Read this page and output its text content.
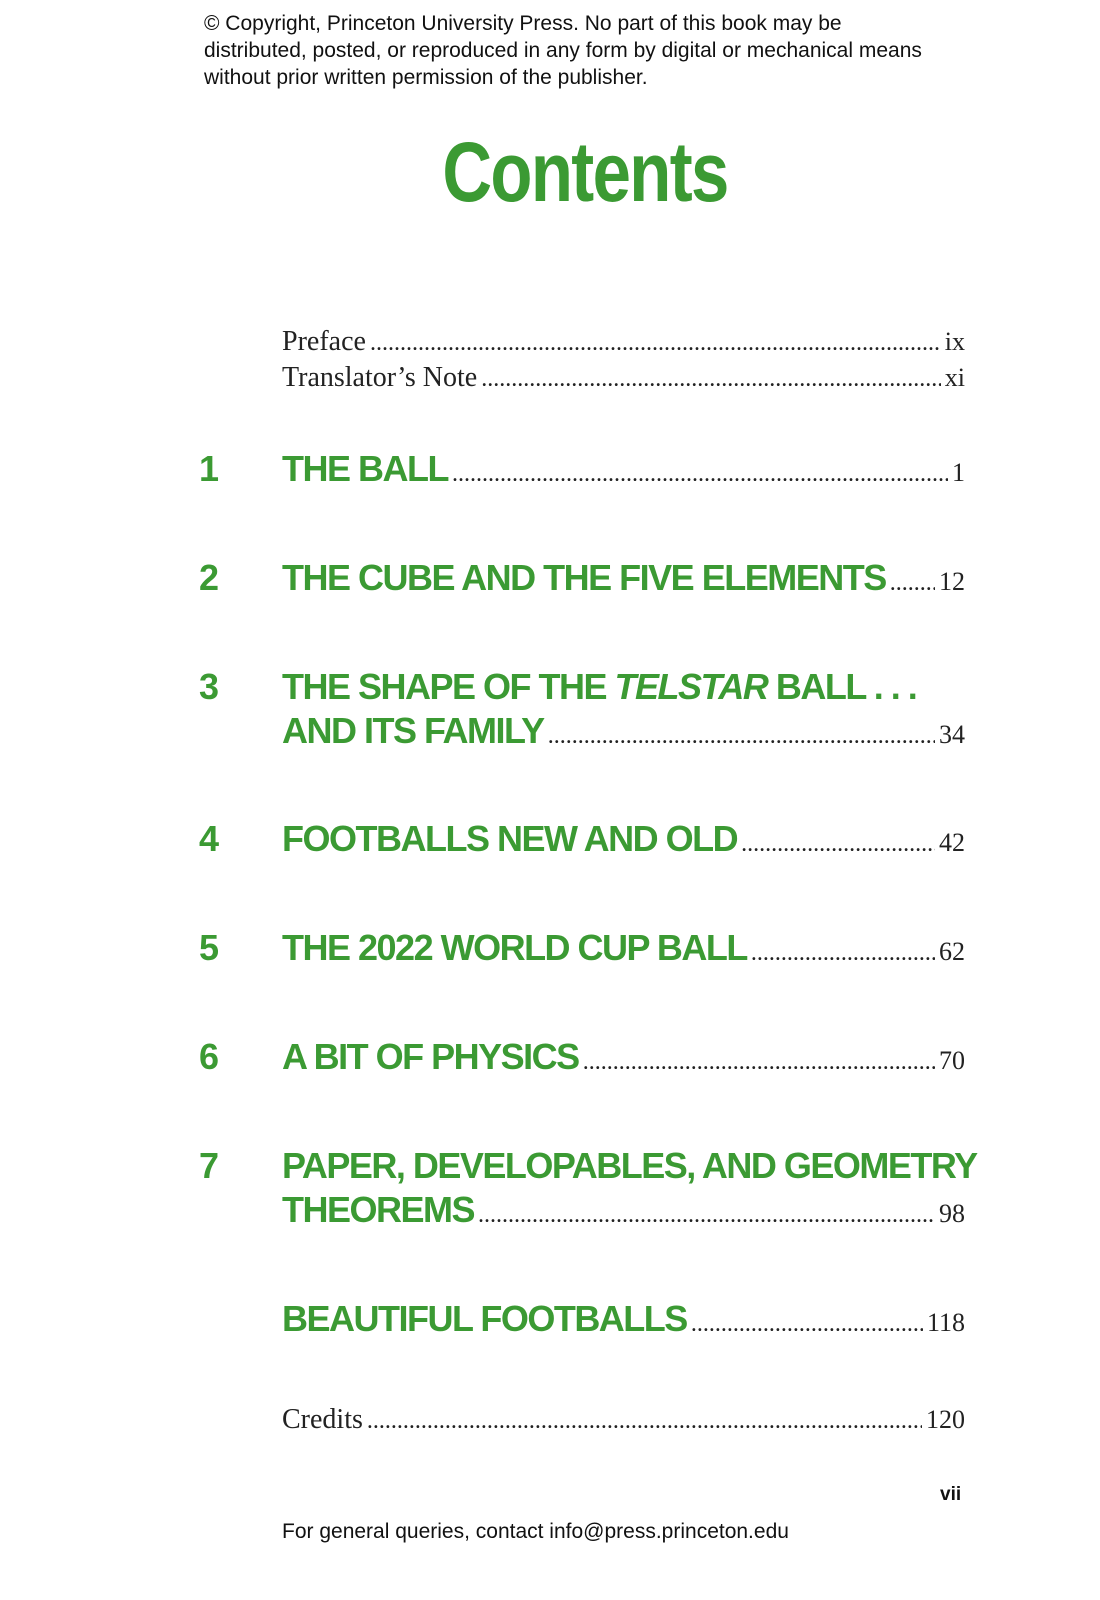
© Copyright, Princeton University Press. No part of this book may be distributed, posted, or reproduced in any form by digital or mechanical means without prior written permission of the publisher.
Contents
Preface .....	ix
Translator’s Note .....	xi
1 THE BALL .....	1
2 THE CUBE AND THE FIVE ELEMENTS ..... 12
3 THE SHAPE OF THE TELSTAR BALL . . .
AND ITS FAMILY .....	34
4 FOOTBALLS NEW AND OLD .....	42
5 THE 2022 WORLD CUP BALL .....	62
6 A BIT OF PHYSICS .....	70
7 PAPER, DEVELOPABLES, AND GEOMETRY
THEOREMS .....	98
BEAUTIFUL FOOTBALLS .....	118
Credits .....	120
vii
For general queries, contact info@press.princeton.edu
